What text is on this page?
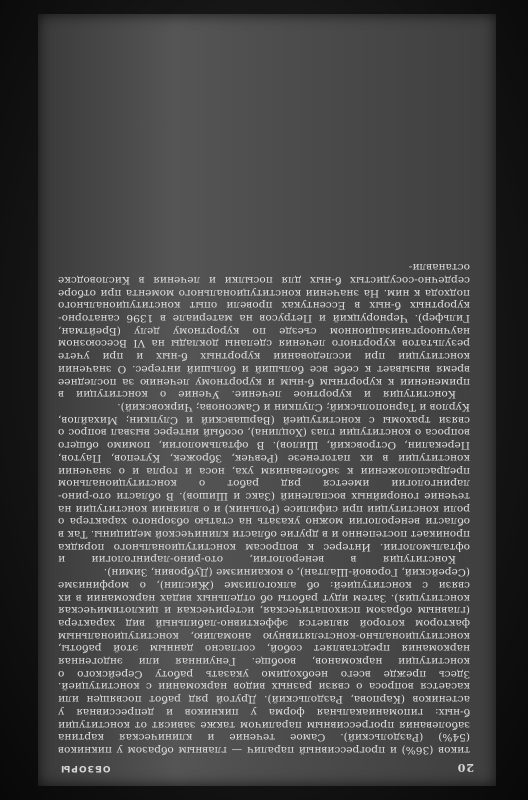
20
ОБЗОРЫ

тиков (36%) и прогрессивный паралич — главным образом у пикников (54%) (Раздольский). Самое течение и клиническая картина заболевания прогрессивным параличом также зависят от конституции б-ных: гипоманиакальная форма у пикников и депрессивная у астеников (Карпова, Раздольский). Другой ряд работ посвящен или касается вопроса о связи разных видов наркомании с конституцией. Здесь прежде всего необходимо указать работу Серейского о конституции наркоманов, вообще. Генуинная или эндогенная наркомания представляет собой, согласно данным этой работы, конституционально-констелятивную аномалию, конституциональным фактором которой является эффективно-лабильный вид характера (главным образом психопатическая, истерическая и циклотимическая конституция). Затем идут работы об отдельных видах наркомании в их связи с конституцией: об алкоголизме (Жислин), о морфинизме (Серейский, Горовой-Шалтан), о кокаинизме (Дубровин, Зимин).

Конституция в венерологии, ото-рино-ларингологии и офтальмологии. Интерес к вопросам конституционального порядка проникает постепенно и в другие области клинической медицины. Так в области венерологии можно указать на статью обзорного характера о роли конституции при сифилисе (Рольник) и о влиянии конституции на течение гонорийных воспалений (Закс и Шишов). В области ото-рино-ларингологии имеется ряд работ о конституциональном предрасположении к заболеваниям уха, носа и горла и о значении конституции в их патогенезе (Ревчек, Зброжек, Кутепов, Паутов, Перекалин, Островский, Шилов). В офтальмологии, помимо общего вопроса о конституции глаз (Хоцлина), особый интерес вызвал вопрос о связи трахомы с конституцией (Варшавский и Слупкин; Михайлов, Курлов и Тарнопольский; Слупкин и Самсонова; Чирковский).

Конституция и курортное лечение. Учение о конституции в применении к курортным б-ным и курортному лечению за последнее время вызывает к себе все больший и больший интерес. О значении конституции при исследовании курортных б-ных и при учете результатов курортного лечения сделаны доклады на VI Всесоюзном научноорганизационном съезде по курортному делу (Брейтман, Гильфер). Черноруцкий и Петрусов на материале в 1396 санаторно-курортных б-ных в Ессентуках провели опыт конституционального подхода к ним. На значении конституционального момента при отборе сердечно-сосудистых б-ных для посылки и лечения в Кисловодске останавли-
